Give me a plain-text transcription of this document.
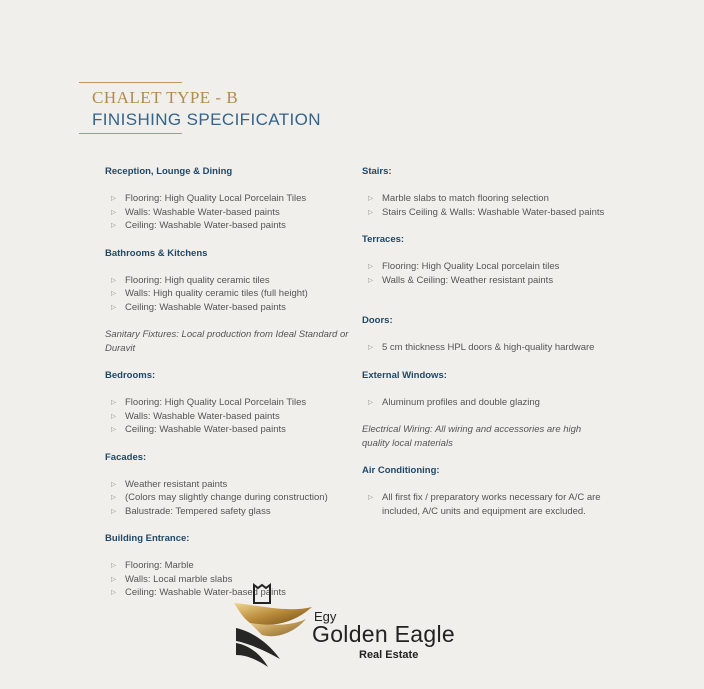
CHALET TYPE - B
FINISHING SPECIFICATION
Reception, Lounge & Dining
▷ Flooring: High Quality Local Porcelain Tiles
▷ Walls: Washable Water-based paints
▷ Ceiling: Washable Water-based paints
Bathrooms & Kitchens
▷ Flooring: High quality ceramic tiles
▷ Walls: High quality ceramic tiles (full height)
▷ Ceiling: Washable Water-based paints
Sanitary Fixtures: Local production from Ideal Standard or Duravit
Bedrooms:
▷ Flooring: High Quality Local Porcelain Tiles
▷ Walls: Washable Water-based paints
▷ Ceiling: Washable Water-based paints
Facades:
▷ Weather resistant paints
▷ (Colors may slightly change during construction)
▷ Balustrade: Tempered safety glass
Building Entrance:
▷ Flooring: Marble
▷ Walls: Local marble slabs
▷ Ceiling: Washable Water-based paints
Stairs:
▷ Marble slabs to match flooring selection
▷ Stairs Ceiling & Walls: Washable Water-based paints
Terraces:
▷ Flooring: High Quality Local porcelain tiles
▷ Walls & Ceiling: Weather resistant paints
Doors:
▷ 5 cm thickness HPL doors & high-quality hardware
External Windows:
▷ Aluminum profiles and double glazing
Electrical Wiring: All wiring and accessories are high quality local materials
Air Conditioning:
▷ All first fix / preparatory works necessary for A/C are included, A/C units and equipment are excluded.
Egy
Golden Eagle
Real Estate
